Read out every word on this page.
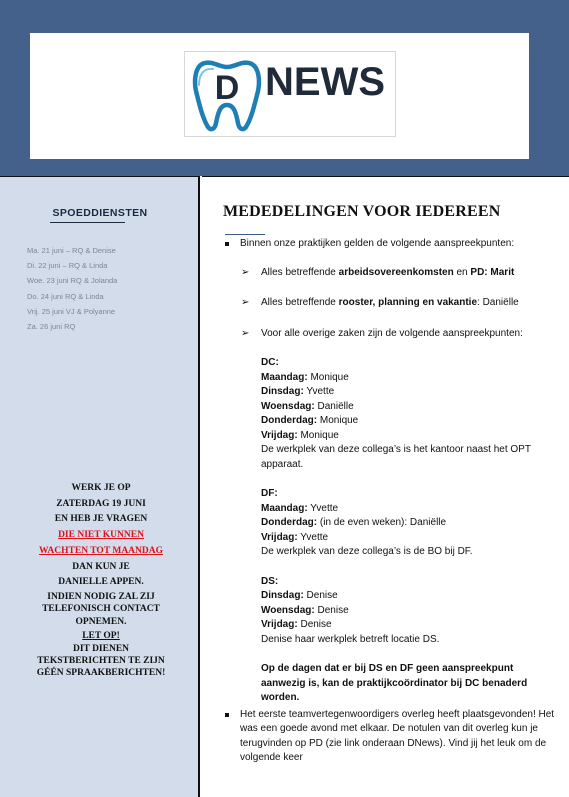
D NEWS
SPOEDDIENSTEN
Ma. 21 juni – RQ & Denise
Di. 22 juni – RQ & Linda
Woe. 23 juni RQ & Jolanda
Do. 24 juni RQ & Linda
Vrij. 25 juni VJ & Polyanne
Za. 26 juni RQ
WERK JE OP
ZATERDAG 19 JUNI
EN HEB JE VRAGEN
DIE NIET KUNNEN
WACHTEN TOT MAANDAG
DAN KUN JE
DANIELLE APPEN.
INDIEN NODIG ZAL ZIJ
TELEFONISCH CONTACT
OPNEMEN.
LET OP!
DIT DIENEN
TEKSTBERICHTEN TE ZIJN
GÉÉN SPRAAKBERICHTEN!
MEDEDELINGEN VOOR IEDEREEN
Binnen onze praktijken gelden de volgende aanspreekpunten:
➢ Alles betreffende arbeidsovereenkomsten en PD: Marit
➢ Alles betreffende rooster, planning en vakantie: Daniëlle
➢ Voor alle overige zaken zijn de volgende aanspreekpunten:
DC:
Maandag: Monique
Dinsdag: Yvette
Woensdag: Daniëlle
Donderdag: Monique
Vrijdag: Monique
De werkplek van deze collega’s is het kantoor naast het OPT apparaat.
DF:
Maandag: Yvette
Donderdag: (in de even weken): Daniëlle
Vrijdag: Yvette
De werkplek van deze collega’s is de BO bij DF.
DS:
Dinsdag: Denise
Woensdag: Denise
Vrijdag: Denise
Denise haar werkplek betreft locatie DS.
Op de dagen dat er bij DS en DF geen aanspreekpunt aanwezig is, kan de praktijkcoördinator bij DC benaderd worden.
Het eerste teamvertegenwoordigers overleg heeft plaatsgevonden! Het was een goede avond met elkaar. De notulen van dit overleg kun je terugvinden op PD (zie link onderaan DNews). Vind jij het leuk om de volgende keer
